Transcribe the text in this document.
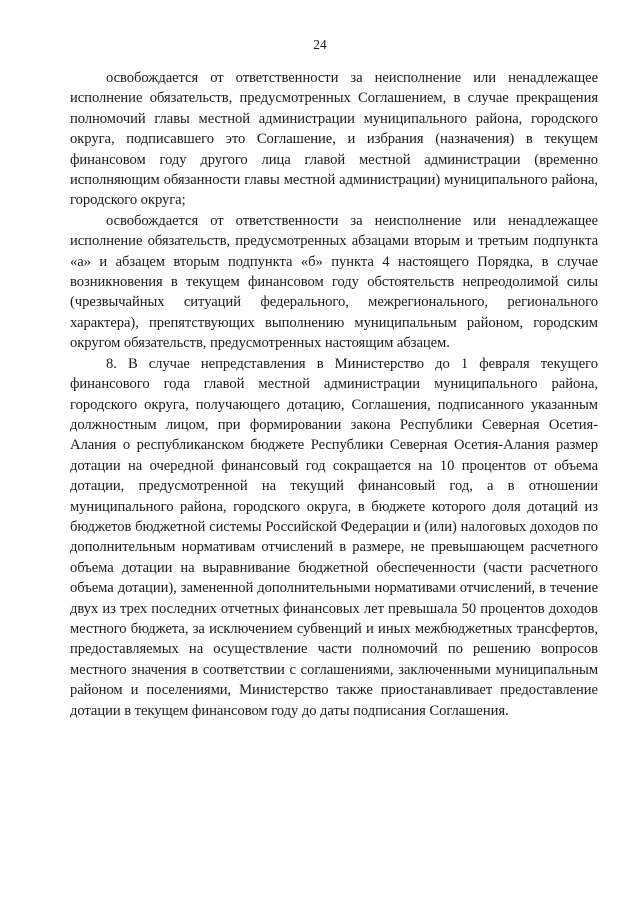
24

освобождается от ответственности за неисполнение или ненадлежащее исполнение обязательств, предусмотренных Соглашением, в случае прекращения полномочий главы местной администрации муниципального района, городского округа, подписавшего это Соглашение, и избрания (назначения) в текущем финансовом году другого лица главой местной администрации (временно исполняющим обязанности главы местной администрации) муниципального района, городского округа;

освобождается от ответственности за неисполнение или ненадлежащее исполнение обязательств, предусмотренных абзацами вторым и третьим подпункта «а» и абзацем вторым подпункта «б» пункта 4 настоящего Порядка, в случае возникновения в текущем финансовом году обстоятельств непреодолимой силы (чрезвычайных ситуаций федерального, межрегионального, регионального характера), препятствующих выполнению муниципальным районом, городским округом обязательств, предусмотренных настоящим абзацем.

8. В случае непредставления в Министерство до 1 февраля текущего финансового года главой местной администрации муниципального района, городского округа, получающего дотацию, Соглашения, подписанного указанным должностным лицом, при формировании закона Республики Северная Осетия-Алания о республиканском бюджете Республики Северная Осетия-Алания размер дотации на очередной финансовый год сокращается на 10 процентов от объема дотации, предусмотренной на текущий финансовый год, а в отношении муниципального района, городского округа, в бюджете которого доля дотаций из бюджетов бюджетной системы Российской Федерации и (или) налоговых доходов по дополнительным нормативам отчислений в размере, не превышающем расчетного объема дотации на выравнивание бюджетной обеспеченности (части расчетного объема дотации), замененной дополнительными нормативами отчислений, в течение двух из трех последних отчетных финансовых лет превышала 50 процентов доходов местного бюджета, за исключением субвенций и иных межбюджетных трансфертов, предоставляемых на осуществление части полномочий по решению вопросов местного значения в соответствии с соглашениями, заключенными муниципальным районом и поселениями, Министерство также приостанавливает предоставление дотации в текущем финансовом году до даты подписания Соглашения.
